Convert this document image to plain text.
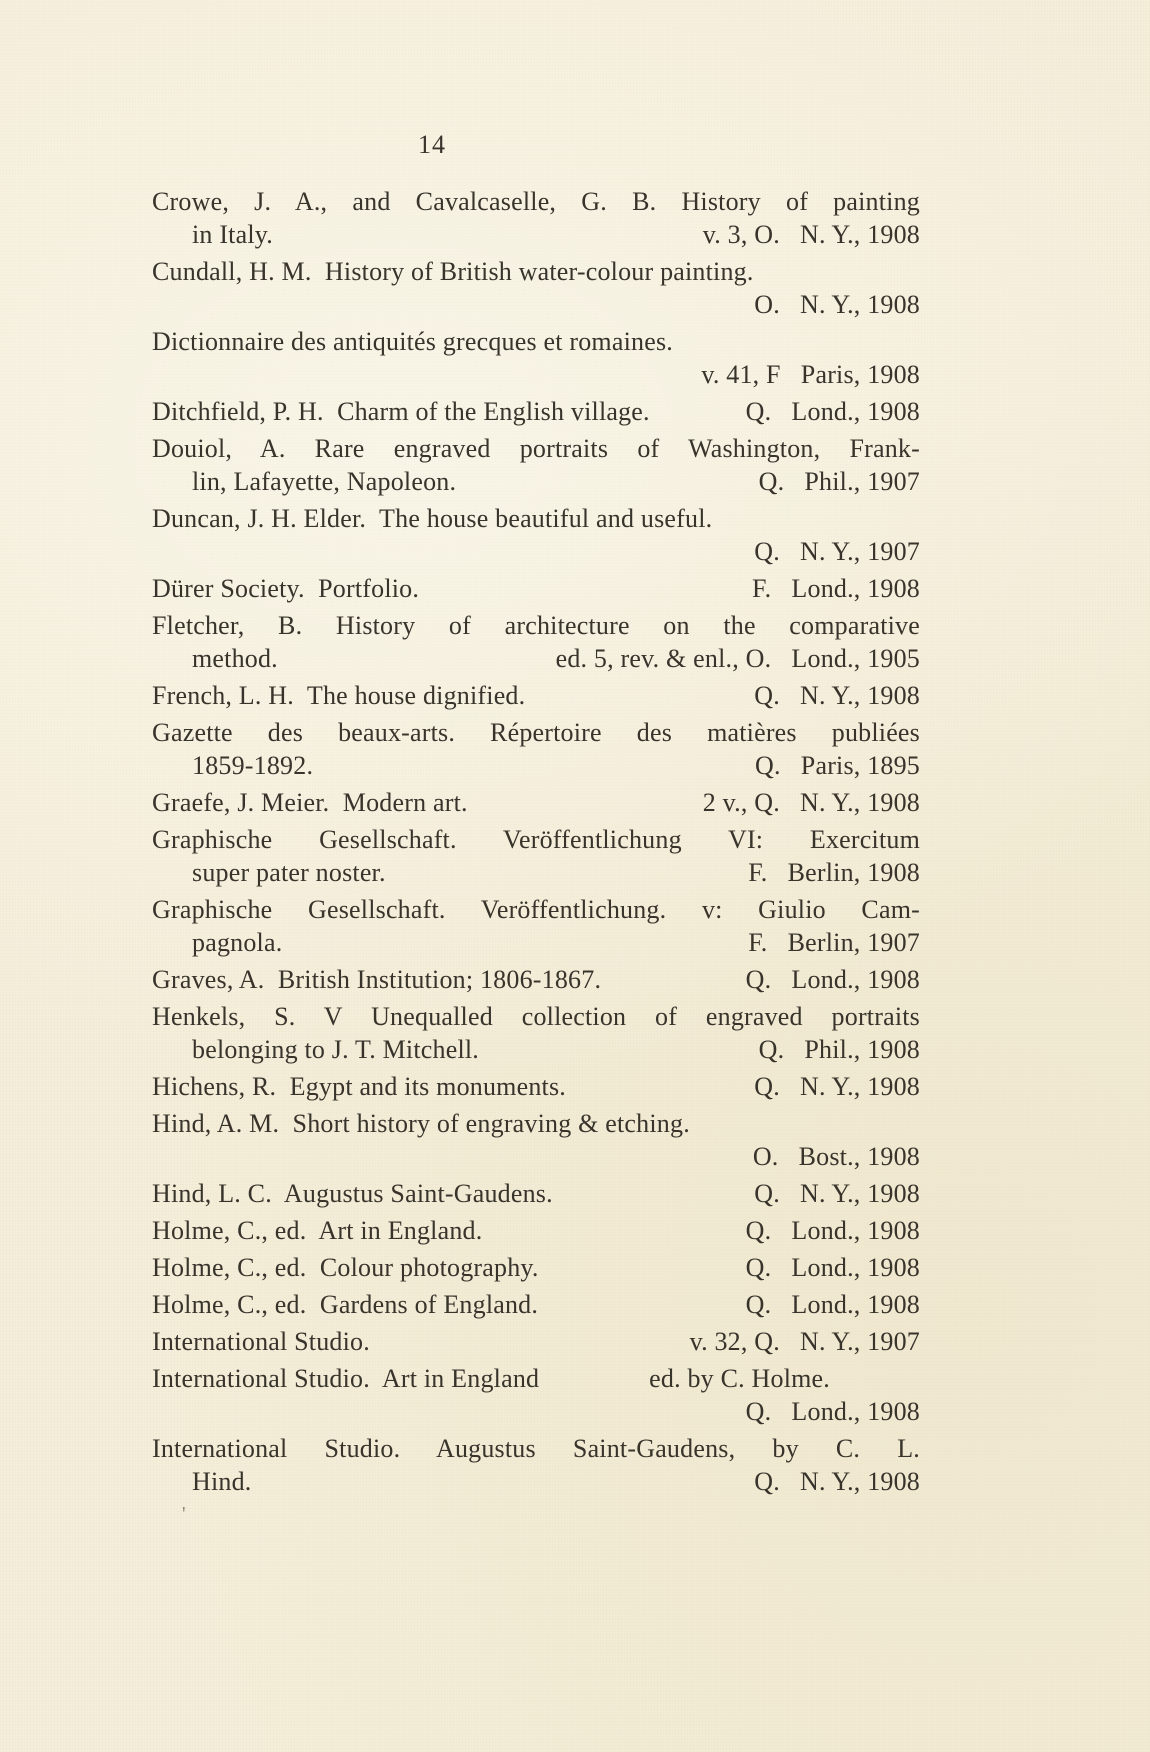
14
Crowe, J. A., and Cavalcaselle, G. B. History of painting
in Italy.	v. 3, O.   N. Y., 1908
Cundall, H. M.  History of British water-colour painting.
O.   N. Y., 1908
Dictionnaire des antiquités grecques et romaines.
v. 41, F   Paris, 1908
Ditchfield, P. H.  Charm of the English village.	Q.   Lond., 1908
Douiol, A. Rare engraved portraits of Washington, Frank-
lin, Lafayette, Napoleon.	Q.   Phil., 1907
Duncan, J. H. Elder.  The house beautiful and useful.
Q.   N. Y., 1907
Dürer Society.  Portfolio.	F.   Lond., 1908
Fletcher, B. History of architecture on the comparative
method.	ed. 5, rev. & enl., O.   Lond., 1905
French, L. H.  The house dignified.	Q.   N. Y., 1908
Gazette des beaux-arts. Répertoire des matières publiées
1859-1892.	Q.   Paris, 1895
Graefe, J. Meier.  Modern art.	2 v., Q.   N. Y., 1908
Graphische Gesellschaft. Veröffentlichung VI: Exercitum
super pater noster.	F.   Berlin, 1908
Graphische Gesellschaft. Veröffentlichung. v: Giulio Cam-
pagnola.	F.   Berlin, 1907
Graves, A.  British Institution; 1806-1867.	Q.   Lond., 1908
Henkels, S. V Unequalled collection of engraved portraits
belonging to J. T. Mitchell.	Q.   Phil., 1908
Hichens, R.  Egypt and its monuments.	Q.   N. Y., 1908
Hind, A. M.  Short history of engraving & etching.
O.   Bost., 1908
Hind, L. C.  Augustus Saint-Gaudens.	Q.   N. Y., 1908
Holme, C., ed.  Art in England.	Q.   Lond., 1908
Holme, C., ed.  Colour photography.	Q.   Lond., 1908
Holme, C., ed.  Gardens of England.	Q.   Lond., 1908
International Studio.	v. 32, Q.   N. Y., 1907
International Studio.  Art in England	ed. by C. Holme.
Q.   Lond., 1908
International Studio. Augustus Saint-Gaudens, by C. L.
Hind.	Q.   N. Y., 1908
'
